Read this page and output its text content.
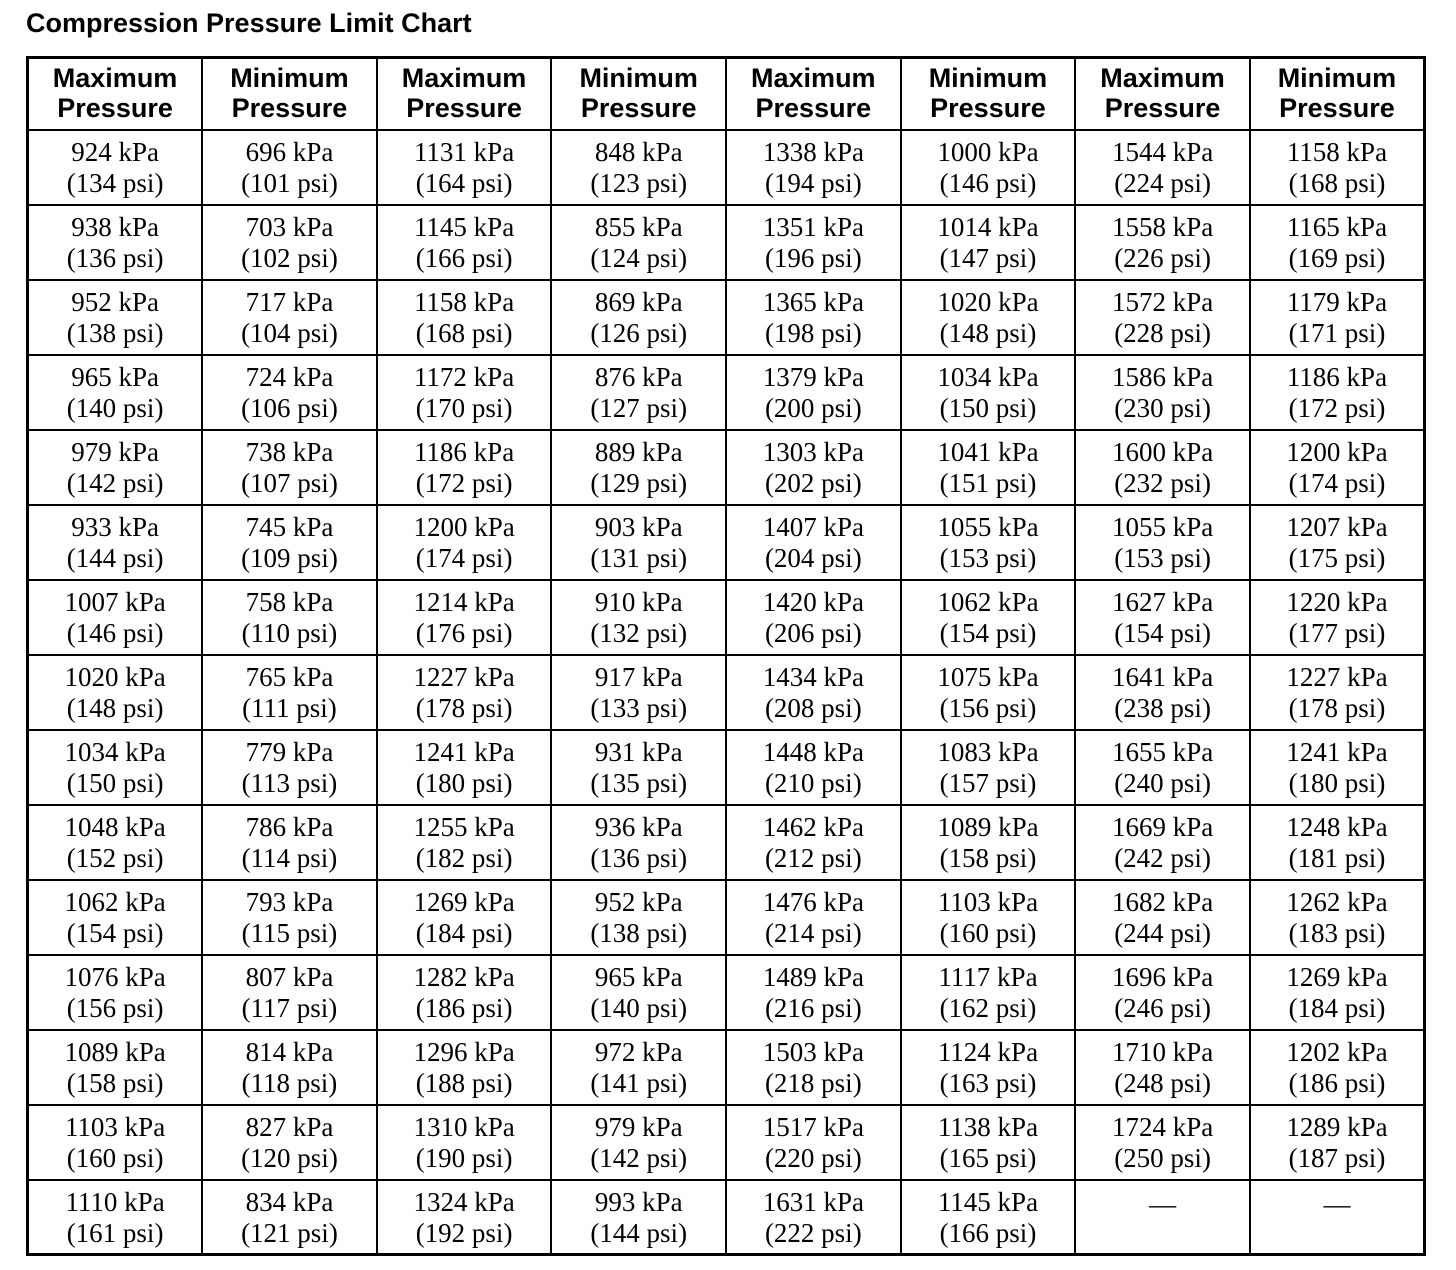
Compression Pressure Limit Chart
Maximum
Pressure	Minimum
Pressure	Maximum
Pressure	Minimum
Pressure	Maximum
Pressure	Minimum
Pressure	Maximum
Pressure	Minimum
Pressure

924 kPa
(134 psi)	696 kPa
(101 psi)	1131 kPa
(164 psi)	848 kPa
(123 psi)	1338 kPa
(194 psi)	1000 kPa
(146 psi)	1544 kPa
(224 psi)	1158 kPa
(168 psi)

938 kPa
(136 psi)	703 kPa
(102 psi)	1145 kPa
(166 psi)	855 kPa
(124 psi)	1351 kPa
(196 psi)	1014 kPa
(147 psi)	1558 kPa
(226 psi)	1165 kPa
(169 psi)

952 kPa
(138 psi)	717 kPa
(104 psi)	1158 kPa
(168 psi)	869 kPa
(126 psi)	1365 kPa
(198 psi)	1020 kPa
(148 psi)	1572 kPa
(228 psi)	1179 kPa
(171 psi)

965 kPa
(140 psi)	724 kPa
(106 psi)	1172 kPa
(170 psi)	876 kPa
(127 psi)	1379 kPa
(200 psi)	1034 kPa
(150 psi)	1586 kPa
(230 psi)	1186 kPa
(172 psi)

979 kPa
(142 psi)	738 kPa
(107 psi)	1186 kPa
(172 psi)	889 kPa
(129 psi)	1303 kPa
(202 psi)	1041 kPa
(151 psi)	1600 kPa
(232 psi)	1200 kPa
(174 psi)

933 kPa
(144 psi)	745 kPa
(109 psi)	1200 kPa
(174 psi)	903 kPa
(131 psi)	1407 kPa
(204 psi)	1055 kPa
(153 psi)	1055 kPa
(153 psi)	1207 kPa
(175 psi)

1007 kPa
(146 psi)	758 kPa
(110 psi)	1214 kPa
(176 psi)	910 kPa
(132 psi)	1420 kPa
(206 psi)	1062 kPa
(154 psi)	1627 kPa
(154 psi)	1220 kPa
(177 psi)

1020 kPa
(148 psi)	765 kPa
(111 psi)	1227 kPa
(178 psi)	917 kPa
(133 psi)	1434 kPa
(208 psi)	1075 kPa
(156 psi)	1641 kPa
(238 psi)	1227 kPa
(178 psi)

1034 kPa
(150 psi)	779 kPa
(113 psi)	1241 kPa
(180 psi)	931 kPa
(135 psi)	1448 kPa
(210 psi)	1083 kPa
(157 psi)	1655 kPa
(240 psi)	1241 kPa
(180 psi)

1048 kPa
(152 psi)	786 kPa
(114 psi)	1255 kPa
(182 psi)	936 kPa
(136 psi)	1462 kPa
(212 psi)	1089 kPa
(158 psi)	1669 kPa
(242 psi)	1248 kPa
(181 psi)

1062 kPa
(154 psi)	793 kPa
(115 psi)	1269 kPa
(184 psi)	952 kPa
(138 psi)	1476 kPa
(214 psi)	1103 kPa
(160 psi)	1682 kPa
(244 psi)	1262 kPa
(183 psi)

1076 kPa
(156 psi)	807 kPa
(117 psi)	1282 kPa
(186 psi)	965 kPa
(140 psi)	1489 kPa
(216 psi)	1117 kPa
(162 psi)	1696 kPa
(246 psi)	1269 kPa
(184 psi)

1089 kPa
(158 psi)	814 kPa
(118 psi)	1296 kPa
(188 psi)	972 kPa
(141 psi)	1503 kPa
(218 psi)	1124 kPa
(163 psi)	1710 kPa
(248 psi)	1202 kPa
(186 psi)

1103 kPa
(160 psi)	827 kPa
(120 psi)	1310 kPa
(190 psi)	979 kPa
(142 psi)	1517 kPa
(220 psi)	1138 kPa
(165 psi)	1724 kPa
(250 psi)	1289 kPa
(187 psi)

1110 kPa
(161 psi)	834 kPa
(121 psi)	1324 kPa
(192 psi)	993 kPa
(144 psi)	1631 kPa
(222 psi)	1145 kPa
(166 psi)	—	—
